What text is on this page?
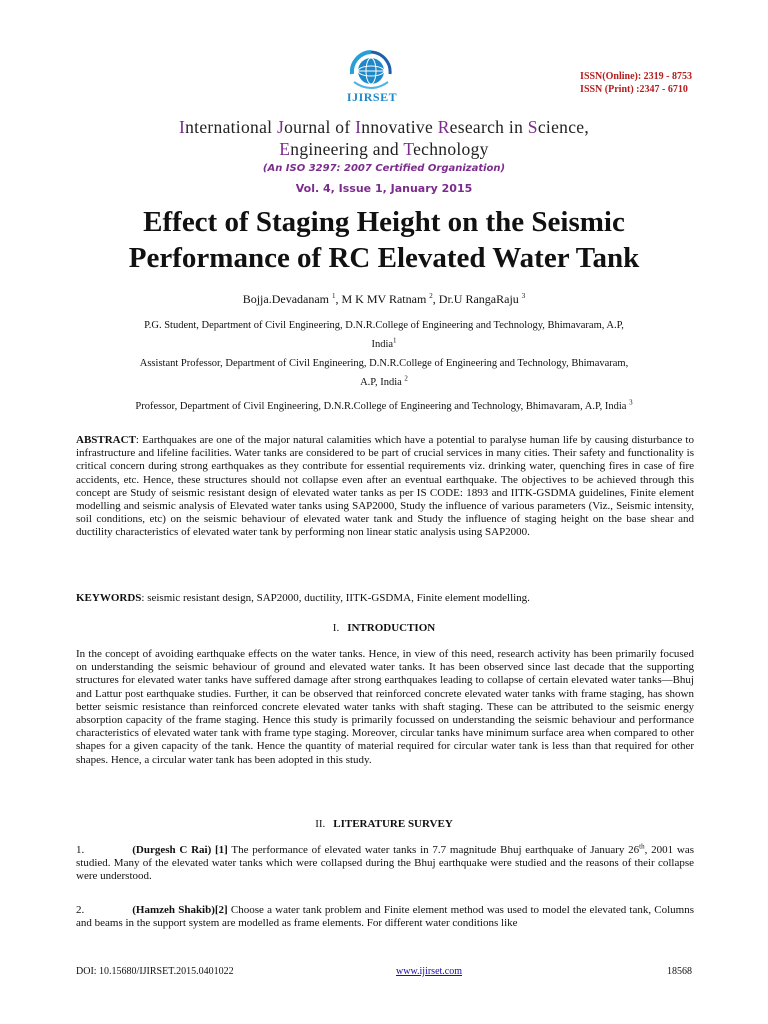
ISSN(Online): 2319 - 8753
ISSN (Print) :2347 - 6710
IJIRSET
International Journal of Innovative Research in Science,
Engineering and Technology
(An ISO 3297: 2007 Certified Organization)
Vol. 4, Issue 1, January 2015
Effect of Staging Height on the Seismic
Performance of RC Elevated Water Tank
Bojja.Devadanam $^1$, M K MV Ratnam $^2$, Dr.U RangaRaju $^3$
P.G. Student, Department of Civil Engineering, D.N.R.College of Engineering and Technology, Bhimavaram, A.P,
India$^1$
Assistant Professor, Department of Civil Engineering, D.N.R.College of Engineering and Technology, Bhimavaram,
A.P, India $^2$
Professor, Department of Civil Engineering, D.N.R.College of Engineering and Technology, Bhimavaram, A.P, India $^3$
ABSTRACT: Earthquakes are one of the major natural calamities which have a potential to paralyse human life by causing disturbance to infrastructure and lifeline facilities. Water tanks are considered to be part of crucial services in many cities. Their safety and functionality is critical concern during strong earthquakes as they contribute for essential requirements viz. drinking water, quenching fires in case of fire accidents, etc. Hence, these structures should not collapse even after an eventual earthquake. The objectives to be achieved through this concept are Study of seismic resistant design of elevated water tanks as per IS CODE: 1893 and IITK-GSDMA guidelines, Finite element modelling and seismic analysis of Elevated water tanks using SAP2000, Study the influence of various parameters (Viz., Seismic intensity, soil conditions, etc) on the seismic behaviour of elevated water tank and Study the influence of staging height on the base shear and ductility characteristics of elevated water tank by performing non linear static analysis using SAP2000.
KEYWORDS: seismic resistant design, SAP2000, ductility, IITK-GSDMA, Finite element modelling.
I. INTRODUCTION
In the concept of avoiding earthquake effects on the water tanks. Hence, in view of this need, research activity has been primarily focused on understanding the seismic behaviour of ground and elevated water tanks. It has been observed since last decade that the supporting structures for elevated water tanks have suffered damage after strong earthquakes leading to collapse of certain elevated water tanks—Bhuj and Lattur post earthquake studies. Further, it can be observed that reinforced concrete elevated water tanks with frame staging, has shown better seismic resistance than reinforced concrete elevated water tanks with shaft staging. These can be attributed to the seismic energy absorption capacity of the frame staging. Hence this study is primarily focussed on understanding the seismic behaviour and performance characteristics of elevated water tank with frame type staging. Moreover, circular tanks have minimum surface area when compared to other shapes for a given capacity of the tank. Hence the quantity of material required for circular water tank is less than that required for other shapes. Hence, a circular water tank has been adopted in this study.
II. LITERATURE SURVEY
1.	(Durgesh C Rai) [1] The performance of elevated water tanks in 7.7 magnitude Bhuj earthquake of January 26th, 2001 was studied. Many of the elevated water tanks which were collapsed during the Bhuj earthquake were studied and the reasons of their collapse were understood.
2.	(Hamzeh Shakib)[2] Choose a water tank problem and Finite element method was used to model the elevated tank, Columns and beams in the support system are modelled as frame elements. For different water conditions like
DOI: 10.15680/IJIRSET.2015.0401022	www.ijirset.com	18568
